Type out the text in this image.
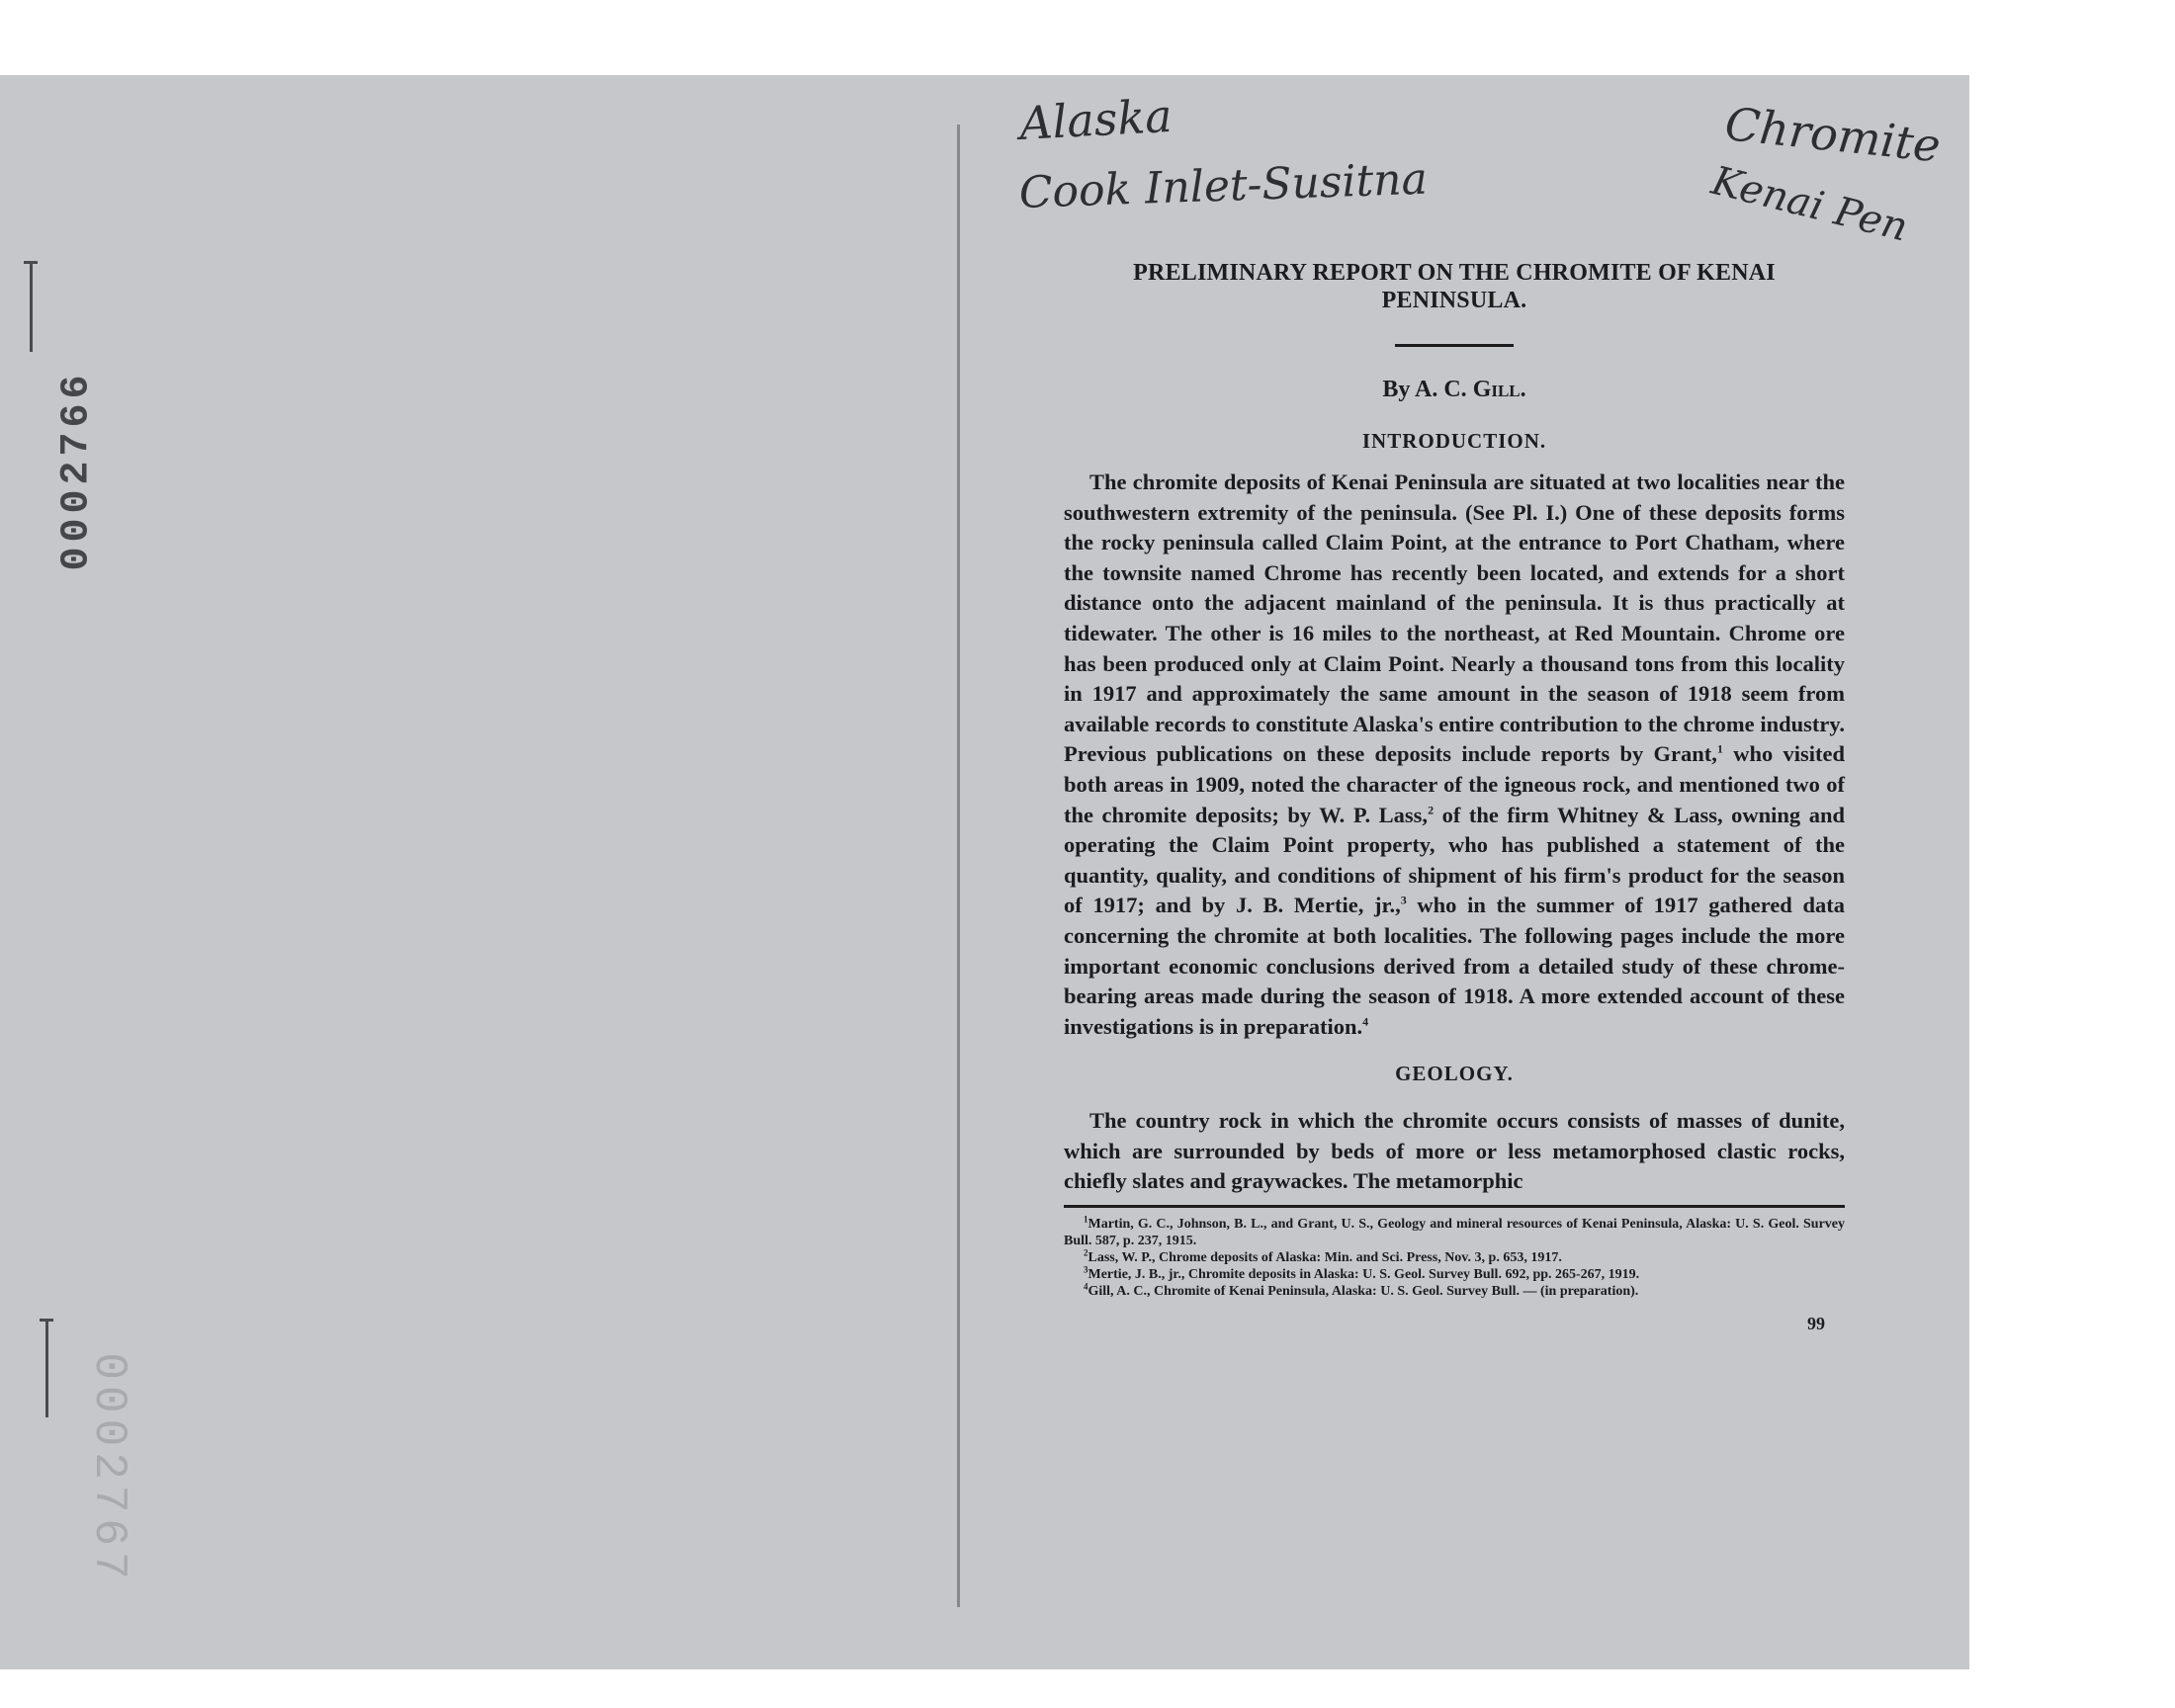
0002766
0002767
Alaska
Cook Inlet-Susitna
Chromite
Kenai Pen
PRELIMINARY REPORT ON THE CHROMITE OF KENAI PENINSULA.
By A. C. Gill.
INTRODUCTION.

The chromite deposits of Kenai Peninsula are situated at two localities near the southwestern extremity of the peninsula. (See Pl. I.) One of these deposits forms the rocky peninsula called Claim Point, at the entrance to Port Chatham, where the townsite named Chrome has recently been located, and extends for a short distance onto the adjacent mainland of the peninsula. It is thus practically at tidewater. The other is 16 miles to the northeast, at Red Mountain. Chrome ore has been produced only at Claim Point. Nearly a thousand tons from this locality in 1917 and approximately the same amount in the season of 1918 seem from available records to constitute Alaska's entire contribution to the chrome industry. Previous publications on these deposits include reports by Grant,$^1$ who visited both areas in 1909, noted the character of the igneous rock, and mentioned two of the chromite deposits; by W. P. Lass,$^2$ of the firm Whitney & Lass, owning and operating the Claim Point property, who has published a statement of the quantity, quality, and conditions of shipment of his firm's product for the season of 1917; and by J. B. Mertie, jr.,$^3$ who in the summer of 1917 gathered data concerning the chromite at both localities. The following pages include the more important economic conclusions derived from a detailed study of these chrome-bearing areas made during the season of 1918. A more extended account of these investigations is in preparation.$^4$

GEOLOGY.

The country rock in which the chromite occurs consists of masses of dunite, which are surrounded by beds of more or less metamorphosed clastic rocks, chiefly slates and graywackes. The metamorphic

$^1$Martin, G. C., Johnson, B. L., and Grant, U. S., Geology and mineral resources of Kenai Peninsula, Alaska: U. S. Geol. Survey Bull. 587, p. 237, 1915.

$^2$Lass, W. P., Chrome deposits of Alaska: Min. and Sci. Press, Nov. 3, p. 653, 1917.

$^3$Mertie, J. B., jr., Chromite deposits in Alaska: U. S. Geol. Survey Bull. 692, pp. 265-267, 1919.

$^4$Gill, A. C., Chromite of Kenai Peninsula, Alaska: U. S. Geol. Survey Bull. — (in preparation).

99
